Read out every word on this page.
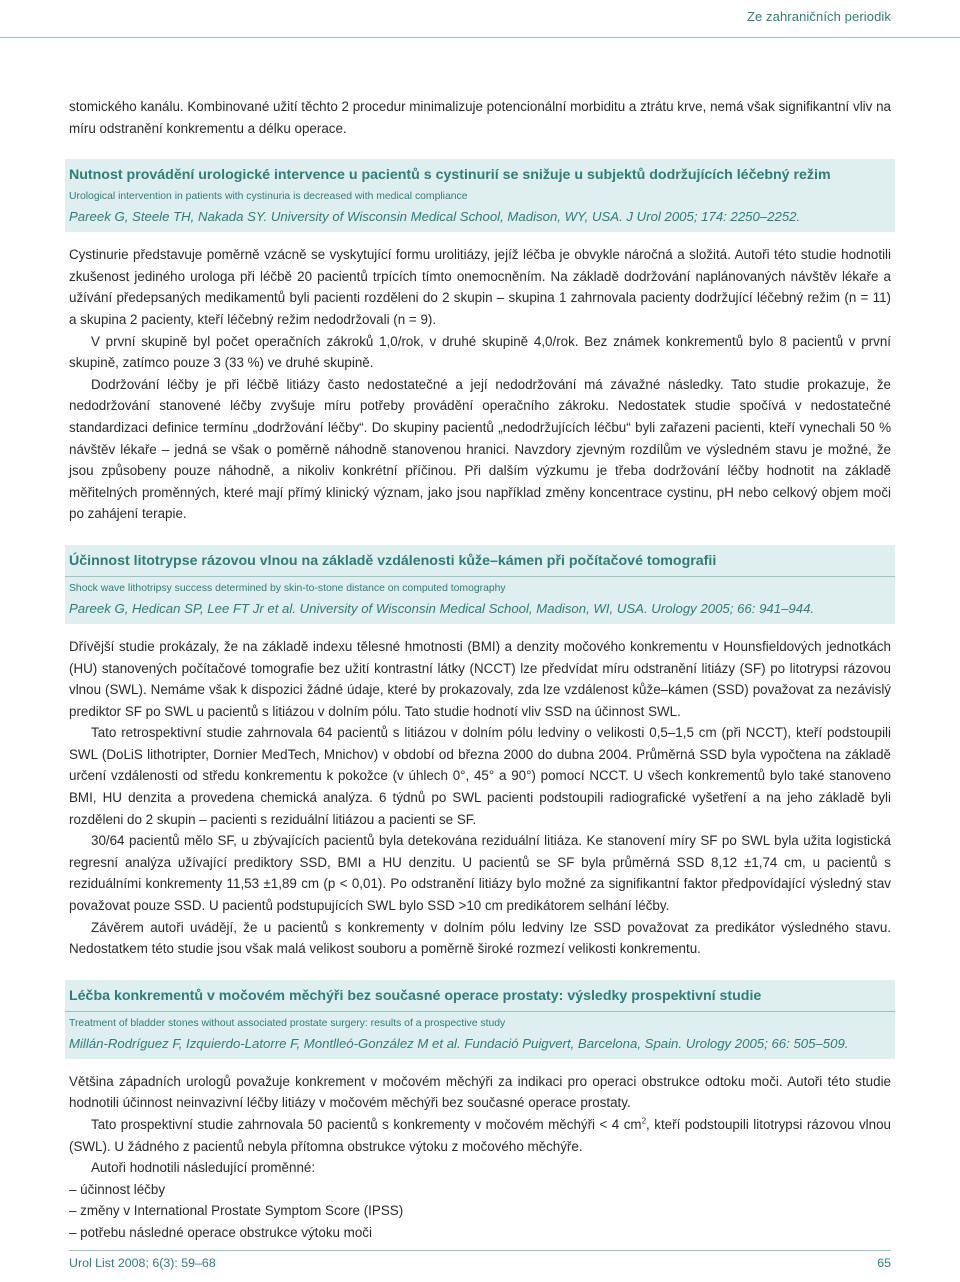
Ze zahraničních periodik

stomického kanálu. Kombinované užití těchto 2 procedur minimalizuje potencionální morbiditu a ztrátu krve, nemá však signifikantní vliv na míru odstranění konkrementu a délku operace.

Nutnost provádění urologické intervence u pacientů s cystinurií se snižuje u subjektů dodržujících léčebný režim
Urological intervention in patients with cystinuria is decreased with medical compliance
Pareek G, Steele TH, Nakada SY. University of Wisconsin Medical School, Madison, WY, USA. J Urol 2005; 174: 2250–2252.

Cystinurie představuje poměrně vzácně se vyskytující formu urolitiázy, jejíž léčba je obvykle náročná a složitá. Autoři této studie hodnotili zkušenost jediného urologa při léčbě 20 pacientů trpících tímto onemocněním. Na základě dodržování naplánovaných návštěv lékaře a užívání předepsaných medikamentů byli pacienti rozděleni do 2 skupin – skupina 1 zahrnovala pacienty dodržující léčebný režim (n = 11) a skupina 2 pacienty, kteří léčebný režim nedodržovali (n = 9).

V první skupině byl počet operačních zákroků 1,0/rok, v druhé skupině 4,0/rok. Bez známek konkrementů bylo 8 pacientů v první skupině, zatímco pouze 3 (33 %) ve druhé skupině.

Dodržování léčby je při léčbě litiázy často nedostatečné a její nedodržování má závažné následky. Tato studie prokazuje, že nedodržování stanovené léčby zvyšuje míru potřeby provádění operačního zákroku. Nedostatek studie spočívá v nedostatečné standardizaci definice termínu „dodržování léčby“. Do skupiny pacientů „nedodržujících léčbu“ byli zařazeni pacienti, kteří vynechali 50 % návštěv lékaře – jedná se však o poměrně náhodně stanovenou hranici. Navzdory zjevným rozdílům ve výsledném stavu je možné, že jsou způsobeny pouze náhodně, a nikoliv konkrétní příčinou. Při dalším výzkumu je třeba dodržování léčby hodnotit na základě měřitelných proměnných, které mají přímý klinický význam, jako jsou například změny koncentrace cystinu, pH nebo celkový objem moči po zahájení terapie.

Účinnost litotrypse rázovou vlnou na základě vzdálenosti kůže–kámen při počítačové tomografii
Shock wave lithotripsy success determined by skin-to-stone distance on computed tomography
Pareek G, Hedican SP, Lee FT Jr et al. University of Wisconsin Medical School, Madison, WI, USA. Urology 2005; 66: 941–944.

Dřívější studie prokázaly, že na základě indexu tělesné hmotnosti (BMI) a denzity močového konkrementu v Hounsfieldových jednotkách (HU) stanovených počítačové tomografie bez užití kontrastní látky (NCCT) lze předvídat míru odstranění litiázy (SF) po litotrypsi rázovou vlnou (SWL). Nemáme však k dispozici žádné údaje, které by prokazovaly, zda lze vzdálenost kůže–kámen (SSD) považovat za nezávislý prediktor SF po SWL u pacientů s litiázou v dolním pólu. Tato studie hodnotí vliv SSD na účinnost SWL.

Tato retrospektivní studie zahrnovala 64 pacientů s litiázou v dolním pólu ledviny o velikosti 0,5–1,5 cm (při NCCT), kteří podstoupili SWL (DoLiS lithotripter, Dornier MedTech, Mnichov) v období od března 2000 do dubna 2004. Průměrná SSD byla vypočtena na základě určení vzdálenosti od středu konkrementu k pokožce (v úhlech 0°, 45° a 90°) pomocí NCCT. U všech konkrementů bylo také stanoveno BMI, HU denzita a provedena chemická analýza. 6 týdnů po SWL pacienti podstoupili radiografické vyšetření a na jeho základě byli rozděleni do 2 skupin – pacienti s reziduální litiázou a pacienti se SF.

30/64 pacientů mělo SF, u zbývajících pacientů byla detekována reziduální litiáza. Ke stanovení míry SF po SWL byla užita logistická regresní analýza užívající prediktory SSD, BMI a HU denzitu. U pacientů se SF byla průměrná SSD 8,12 ±1,74 cm, u pacientů s reziduálními konkrementy 11,53 ±1,89 cm (p < 0,01). Po odstranění litiázy bylo možné za signifikantní faktor předpovídající výsledný stav považovat pouze SSD. U pacientů podstupujících SWL bylo SSD >10 cm predikátorem selhání léčby.

Závěrem autoři uvádějí, že u pacientů s konkrementy v dolním pólu ledviny lze SSD považovat za predikátor výsledného stavu. Nedostatkem této studie jsou však malá velikost souboru a poměrně široké rozmezí velikosti konkrementu.

Léčba konkrementů v močovém měchýři bez současné operace prostaty: výsledky prospektivní studie
Treatment of bladder stones without associated prostate surgery: results of a prospective study
Millán-Rodríguez F, Izquierdo-Latorre F, Montlleó-González M et al. Fundació Puigvert, Barcelona, Spain. Urology 2005; 66: 505–509.

Většina západních urologů považuje konkrement v močovém měchýři za indikaci pro operaci obstrukce odtoku moči. Autoři této studie hodnotili účinnost neinvazivní léčby litiázy v močovém měchýři bez současné operace prostaty.

Tato prospektivní studie zahrnovala 50 pacientů s konkrementy v močovém měchýři < 4 $cm^2$, kteří podstoupili litotrypsi rázovou vlnou (SWL). U žádného z pacientů nebyla přítomna obstrukce výtoku z močového měchýře.

Autoři hodnotili následující proměnné:

– účinnost léčby
– změny v International Prostate Symptom Score (IPSS)
– potřebu následné operace obstrukce výtoku moči
Urol List 2008; 6(3): 59–68	65
